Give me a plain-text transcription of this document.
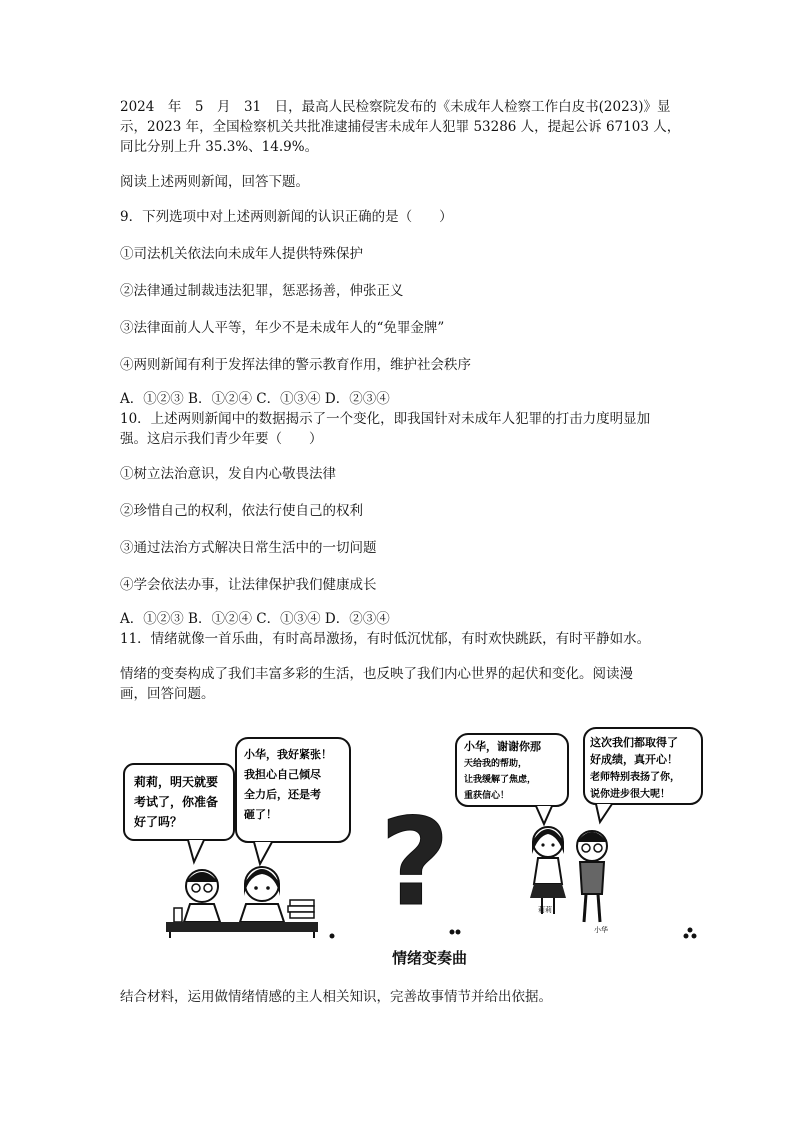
2024　年　5　月　31　日，最高人民检察院发布的《未成年人检察工作白皮书(2023)》显
示，2023 年，全国检察机关共批准逮捕侵害未成年人犯罪 53286 人，提起公诉 67103 人，
同比分别上升 35.3%、14.9%。
阅读上述两则新闻，回答下题。
9．下列选项中对上述两则新闻的认识正确的是（　　）
①司法机关依法向未成年人提供特殊保护
②法律通过制裁违法犯罪，惩恶扬善，伸张正义
③法律面前人人平等，年少不是未成年人的“免罪金牌”
④两则新闻有利于发挥法律的警示教育作用，维护社会秩序
A．①②③ B．①②④ C．①③④ D．②③④
10．上述两则新闻中的数据揭示了一个变化，即我国针对未成年人犯罪的打击力度明显加
强。这启示我们青少年要（　　）
①树立法治意识，发自内心敬畏法律
②珍惜自己的权利，依法行使自己的权利
③通过法治方式解决日常生活中的一切问题
④学会依法办事，让法律保护我们健康成长
A．①②③ B．①②④ C．①③④ D．②③④
11．情绪就像一首乐曲，有时高昂激扬，有时低沉忧郁，有时欢快跳跃，有时平静如水。
情绪的变奏构成了我们丰富多彩的生活，也反映了我们内心世界的起伏和变化。阅读漫
画，回答问题。
莉莉，明天就要
考试了，你准备
好了吗？
小华，我好紧张！
我担心自己倾尽
全力后，还是考
砸了！ ?
小华，谢谢你那
天给我的帮助，
让我缓解了焦虑，
重获信心！
这次我们都取得了
好成绩，真开心！
老师特别表扬了你，
说你进步很大呢！
莉莉
小华
情绪变奏曲
结合材料，运用做情绪情感的主人相关知识，完善故事情节并给出依据。
